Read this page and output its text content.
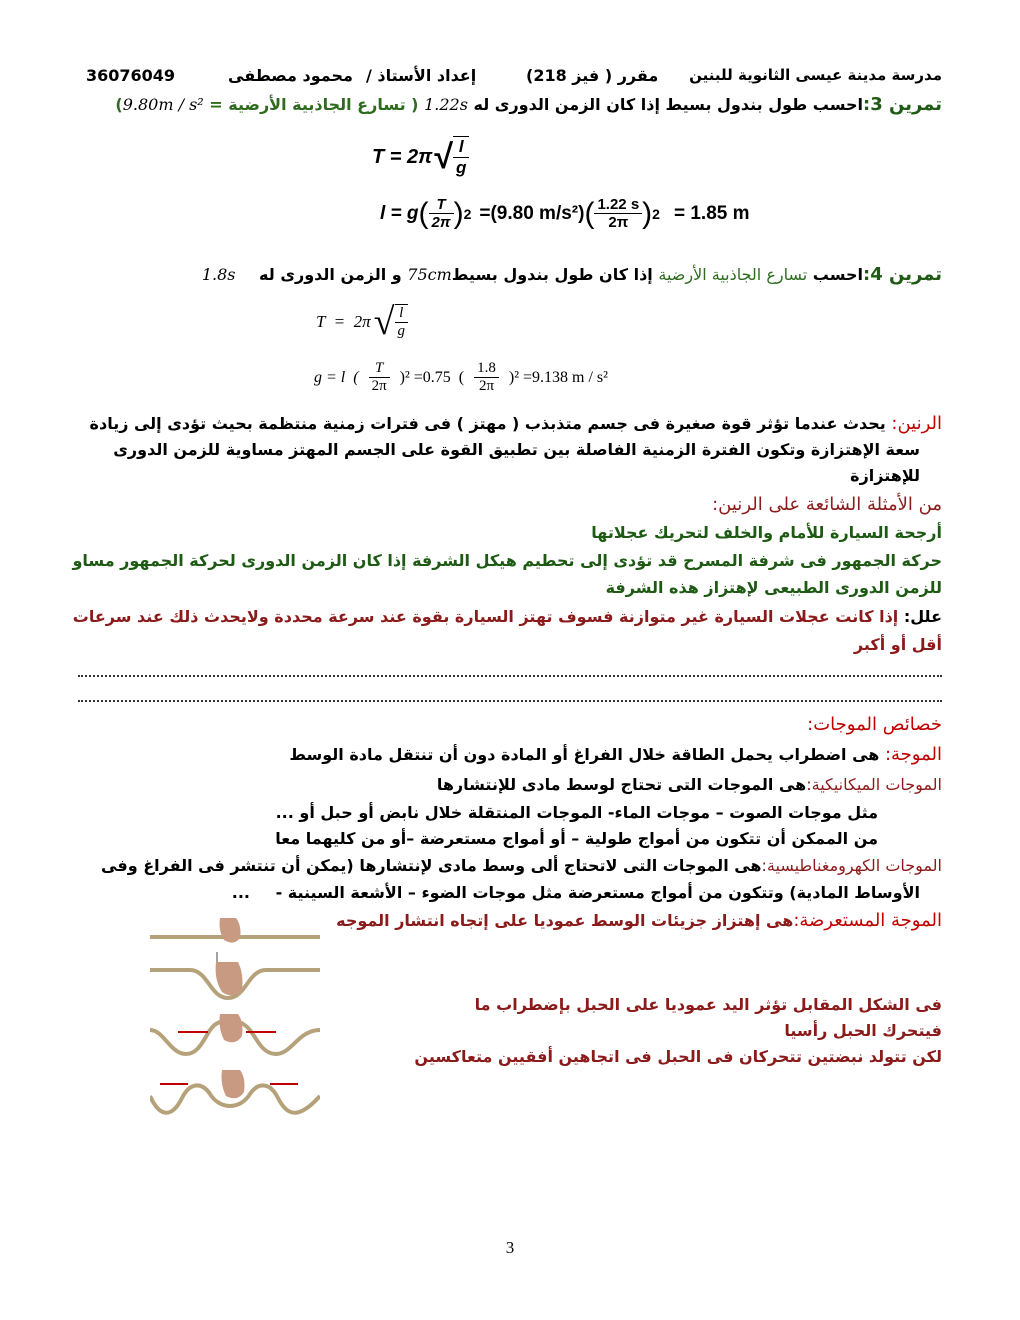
36076049	محمود مصطفى إعداد الأستاذ /	مقرر ( فيز 218) مدرسة مدينة عيسى الثانوية للبنين
تمرين 3:احسب طول بندول بسيط إذا كان الزمن الدورى له 1.22s ( تسارع الجاذبية الأرضية = 9.80m / s²)
T = 2π √ $\frac{l}{g}$
l = g ( $\frac{T}{2\pi}$ ) 2 =(9.80 m/s²) ( $\frac{1.22 s}{2\pi}$ ) 2 = 1.85 m
تمرين 4:احسب تسارع الجاذبية الأرضية إذا كان طول بندول بسيط75cm و الزمن الدورى له 1.8s
T  =  2π √ $\frac{l}{g}$
g = l  ( $\frac{T}{2\pi} )^2 =0.75$  ( $\frac{1.8}{2\pi} )^2 =9.138$ m / s²
الرنين: يحدث عندما تؤثر قوة صغيرة فى جسم متذبذب ( مهتز ) فى فترات زمنية منتظمة بحيث تؤدى إلى زيادة
سعة الإهتزازة وتكون الفترة الزمنية الفاصلة بين تطبيق القوة على الجسم المهتز مساوية للزمن الدورى
للإهتزازة
من الأمثلة الشائعة على الرنين:
أرجحة السيارة للأمام والخلف لتحريك عجلاتها
حركة الجمهور فى شرفة المسرح قد تؤدى إلى تحطيم هيكل الشرفة إذا كان الزمن الدورى لحركة الجمهور مساو
للزمن الدورى الطبيعى لإهتزاز هذه الشرفة
علل: إذا كانت عجلات السيارة غير متوازنة فسوف تهتز السيارة بقوة عند سرعة محددة ولايحدث ذلك عند سرعات
أقل أو أكبر
خصائص الموجات:
الموجة: هى اضطراب يحمل الطاقة خلال الفراغ أو المادة دون أن تنتقل مادة الوسط
الموجات الميكانيكية:هى الموجات التى تحتاج لوسط مادى للإنتشارها
مثل موجات الصوت – موجات الماء- الموجات المنتقلة خلال نابض أو حبل أو ...
من الممكن أن تتكون من أمواج طولية – أو أمواج مستعرضة –أو من كليهما معا
الموجات الكهرومغناطيسية:هى الموجات التى لاتحتاج ألى وسط مادى لإنتشارها (يمكن أن تنتشر فى الفراغ وفى
الأوساط المادية) وتتكون من أمواج مستعرضة مثل موجات الضوء – الأشعة السينية - ...
الموجة المستعرضة:هى إهتزاز جزيئات الوسط عموديا على إتجاه انتشار الموجه
فى الشكل المقابل تؤثر اليد عموديا على الحبل بإضطراب ما
فيتحرك الحبل رأسيا
لكن تتولد نبضتين تتحركان فى الحبل فى اتجاهين أفقيين متعاكسين
3
